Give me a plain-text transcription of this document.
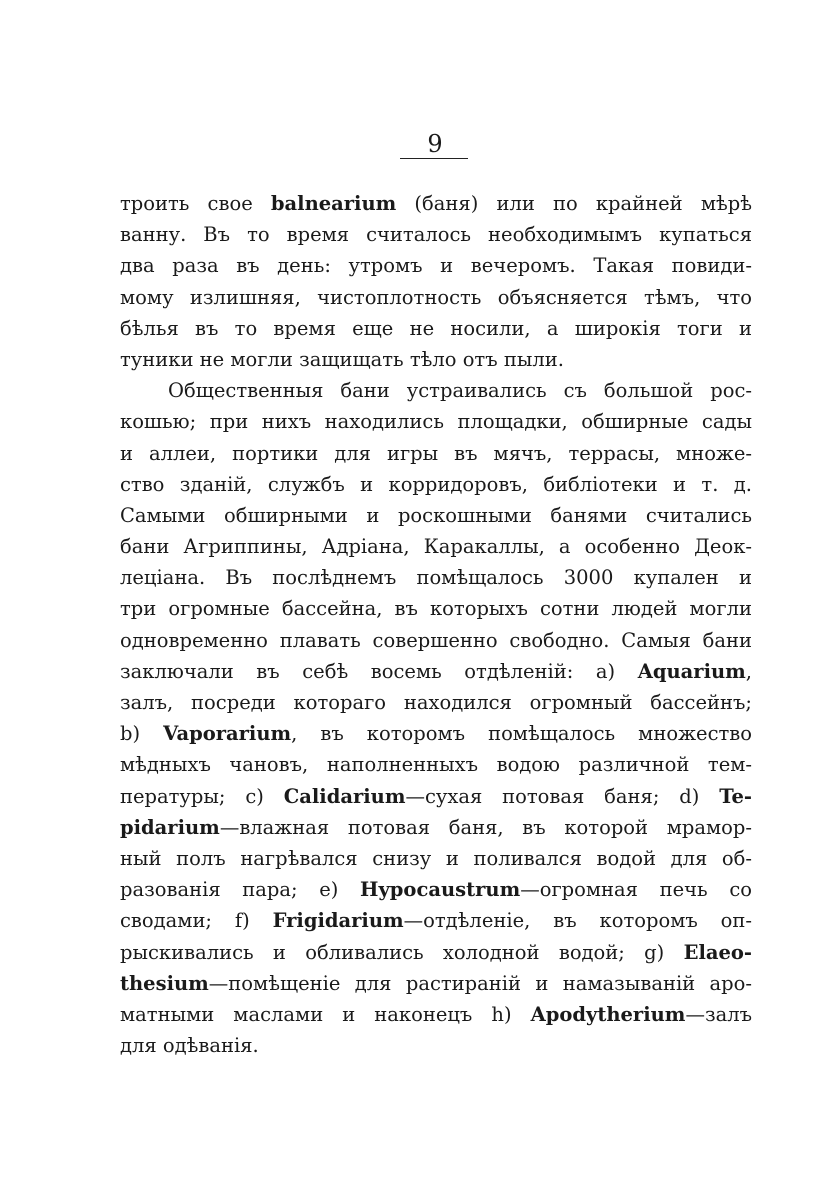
9
троить свое balnearium (баня) или по крайней мѣрѣ
ванну. Въ то время считалось необходимымъ купаться
два раза въ день: утромъ и вечеромъ. Такая повиди-
мому излишняя, чистоплотность объясняется тѣмъ, что
бѣлья въ то время еще не носили, а широкія тоги и
туники не могли защищать тѣло отъ пыли.
Общественныя бани устраивались съ большой рос-
кошью; при нихъ находились площадки, обширные сады
и аллеи, портики для игры въ мячъ, террасы, множе-
ство зданій, службъ и корридоровъ, библіотеки и т. д.
Самыми обширными и роскошными банями считались
бани Агриппины, Адріана, Каракаллы, а особенно Деок-
леціана. Въ послѣднемъ помѣщалось 3000 купален и
три огромные бассейна, въ которыхъ сотни людей могли
одновременно плавать совершенно свободно. Самыя бани
заключали въ себѣ восемь отдѣленій: а) Aquarium,
залъ, посреди котораго находился огромный бассейнъ;
b) Vaporarium, въ которомъ помѣщалось множество
мѣдныхъ чановъ, наполненныхъ водою различной тем-
пературы; с) Calidarium—сухая потовая баня; d) Te-
pidarium—влажная потовая баня, въ которой мрамор-
ный полъ нагрѣвался снизу и поливался водой для об-
разованія пара; е) Hypocaustrum—огромная печь со
сводами; f) Frigidarium—отдѣленіе, въ которомъ оп-
рыскивались и обливались холодной водой; g) Elaeo-
thesium—помѣщеніе для растираній и намазываній аро-
матными маслами и наконецъ h) Apodytherium—залъ
для одѣванія.
